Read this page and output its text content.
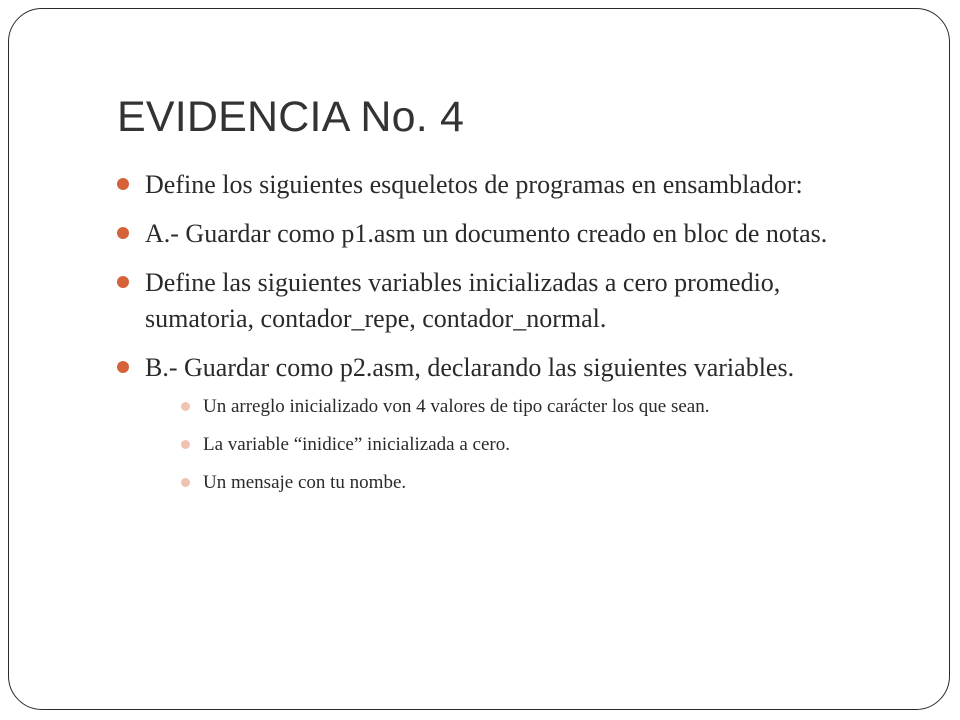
EVIDENCIA No. 4
Define los siguientes esqueletos de programas en ensamblador:
A.- Guardar como p1.asm un documento creado en bloc de notas.
Define las siguientes variables inicializadas a cero promedio, sumatoria, contador_repe, contador_normal.
B.- Guardar como p2.asm, declarando las siguientes variables.
Un arreglo inicializado von 4 valores de tipo carácter los que sean.
La variable “inidice” inicializada a cero.
Un mensaje con tu nombe.
